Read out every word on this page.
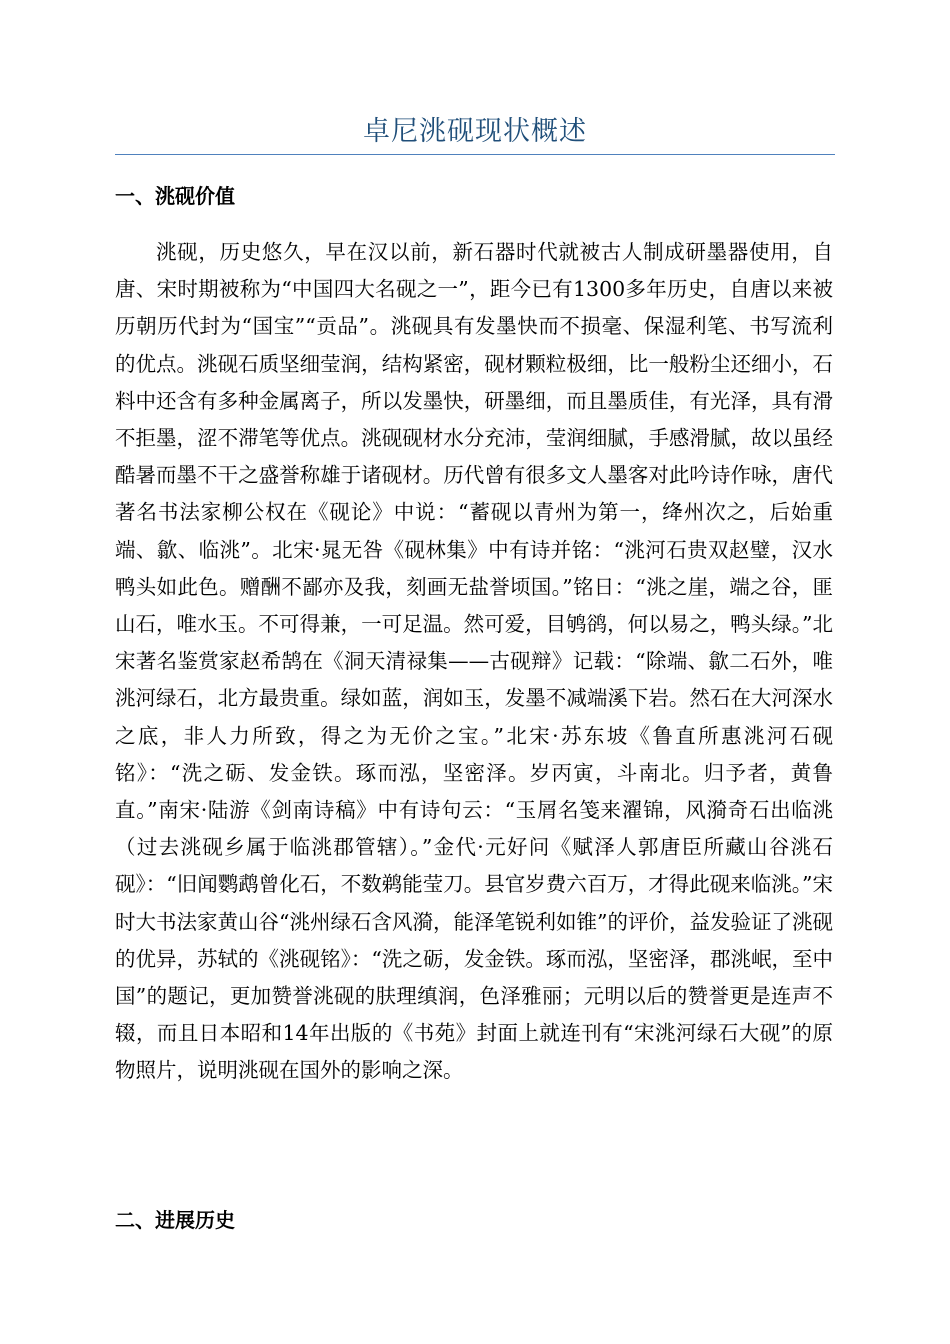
卓尼洮砚现状概述
一、洮砚价值

洮砚，历史悠久，早在汉以前，新石器时代就被古人制成研墨器使用，自唐、宋时期被称为“中国四大名砚之一”，距今已有1300多年历史，自唐以来被历朝历代封为“国宝”“贡品”。洮砚具有发墨快而不损毫、保湿利笔、书写流利的优点。洮砚石质坚细莹润，结构紧密，砚材颗粒极细，比一般粉尘还细小，石料中还含有多种金属离子，所以发墨快，研墨细，而且墨质佳，有光泽，具有滑不拒墨，涩不滞笔等优点。洮砚砚材水分充沛，莹润细腻，手感滑腻，故以虽经酷暑而墨不干之盛誉称雄于诸砚材。历代曾有很多文人墨客对此吟诗作咏，唐代著名书法家柳公权在《砚论》中说：“蓄砚以青州为第一，绛州次之，后始重端、歙、临洮”。北宋·晁无咎《砚林集》中有诗并铭：“洮河石贵双赵璧，汉水鸭头如此色。赠酬不鄙亦及我，刻画无盐誉顷国。”铭日：“洮之崖，端之谷，匪山石，唯水玉。不可得兼，一可足温。然可爱，目鸲鹆，何以易之，鸭头绿。”北宋著名鉴赏家赵希鹄在《洞天清禄集——古砚辩》记载：“除端、歙二石外，唯洮河绿石，北方最贵重。绿如蓝，润如玉，发墨不减端溪下岩。然石在大河深水之底，非人力所致，得之为无价之宝。”北宋·苏东坡《鲁直所惠洮河石砚铭》：“洗之砺、发金铁。琢而泓，坚密泽。岁丙寅，斗南北。归予者，黄鲁直。”南宋·陆游《剑南诗稿》中有诗句云：“玉屑名笺来濯锦，风漪奇石出临洮（过去洮砚乡属于临洮郡管辖）。”金代·元好问《赋泽人郭唐臣所藏山谷洮石砚》：“旧闻鹦鹉曾化石，不数鹈能莹刀。县官岁费六百万，才得此砚来临洮。”宋时大书法家黄山谷“洮州绿石含风漪，能泽笔锐利如锥”的评价，益发验证了洮砚的优异，苏轼的《洮砚铭》：“洗之砺，发金铁。琢而泓，坚密泽，郡洮岷，至中国”的题记，更加赞誉洮砚的肤理缜润，色泽雅丽；元明以后的赞誉更是连声不辍，而且日本昭和14年出版的《书苑》封面上就连刊有“宋洮河绿石大砚”的原物照片，说明洮砚在国外的影响之深。

二、进展历史
